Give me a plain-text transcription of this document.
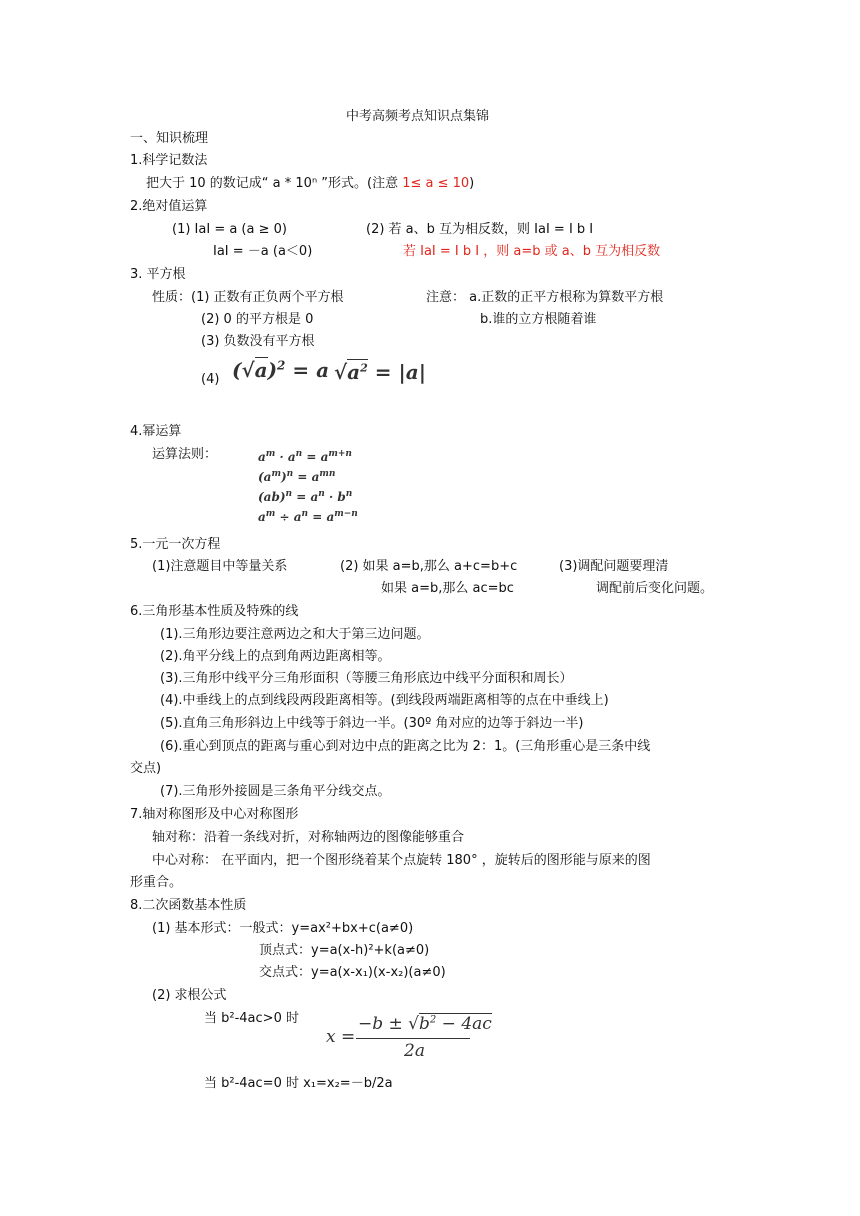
中考高频考点知识点集锦
一、知识梳理
1.科学记数法
把大于 10 的数记成“ a * 10ⁿ ”形式。(注意 1≤ a ≤ 10)
2.绝对值运算
(1) IaI = a (a ≥ 0)
IaI = －a (a＜0)
(2) 若 a、b 互为相反数，则 IaI = I b I
若 IaI = I b I ，则 a=b 或 a、b 互为相反数
3. 平方根
性质：(1) 正数有正负两个平方根
(2) 0 的平方根是 0
(3) 负数没有平方根
(4)
注意： a.正数的正平方根称为算数平方根
b.谁的立方根随着谁
$(√a)^2 = a$ $√a^2 = |a|$
4.幂运算
运算法则：	$a^m \cdot a^n = a^{m+n}$
$(a^m)^n = a^{mn}$
$(ab)^n = a^n \cdot b^n$
$a^m \div a^n = a^{m-n}$
5.一元一次方程
(1)注意题目中等量关系	(2) 如果 a=b,那么 a+c=b+c
如果 a=b,那么 ac=bc
(3)调配问题要理清
调配前后变化问题。
6.三角形基本性质及特殊的线
(1).三角形边要注意两边之和大于第三边问题。
(2).角平分线上的点到角两边距离相等。
(3).三角形中线平分三角形面积（等腰三角形底边中线平分面积和周长）
(4).中垂线上的点到线段两段距离相等。(到线段两端距离相等的点在中垂线上)
(5).直角三角形斜边上中线等于斜边一半。(30º 角对应的边等于斜边一半)
(6).重心到顶点的距离与重心到对边中点的距离之比为 2：1。(三角形重心是三条中线
交点)
(7).三角形外接圆是三条角平分线交点。
7.轴对称图形及中心对称图形
轴对称：沿着一条线对折，对称轴两边的图像能够重合
中心对称： 在平面内，把一个图形绕着某个点旋转 180° ，旋转后的图形能与原来的图
形重合。
8.二次函数基本性质
(1) 基本形式：一般式：y=ax²+bx+c(a≠0)
顶点式：y=a(x-h)²+k(a≠0)
交点式：y=a(x-x₁)(x-x₂)(a≠0)
(2) 求根公式
当 b²-4ac>0 时
x =
$-b \pm √b^2 - 4ac$
2a
当 b²-4ac=0 时 x₁=x₂=－b/2a
